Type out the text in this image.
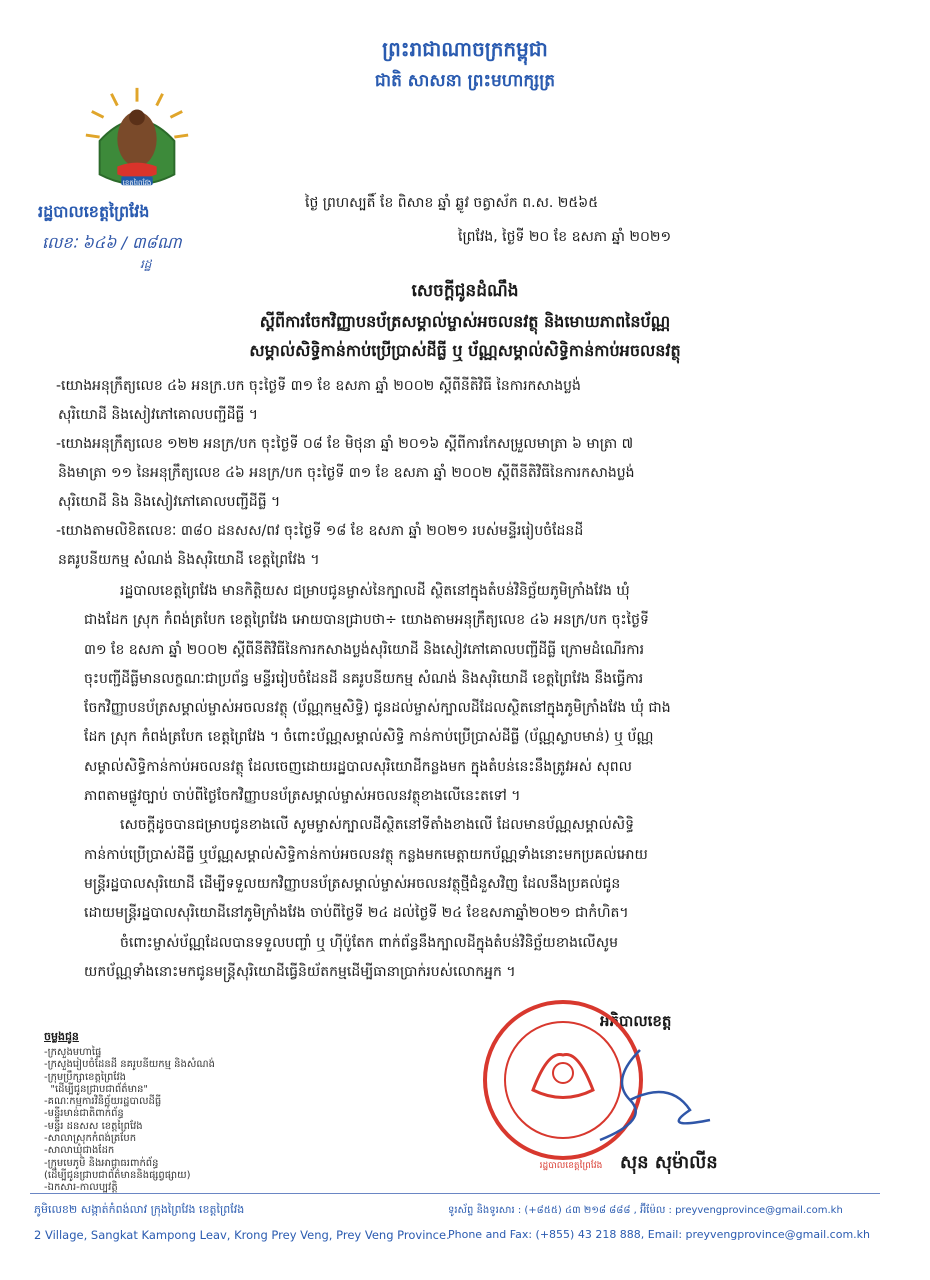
ព្រះរាជាណាចក្រកម្ពុជា
ជាតិ សាសនា ព្រះមហាក្សត្រ
ខេត្តព្រៃវែង
រដ្ឋបាលខេត្តព្រៃវែង
លេខៈ ៦៤៦ / ៣៨ណា
រដ្ឋ
ថ្ងៃ ព្រហស្បតិ៍ ខែ ពិសាខ ឆ្នាំ ឆ្លូវ ចត្វាស័ក ព.ស. ២៥៦៥
ព្រៃវែង, ថ្ងៃទី ២០ ខែ ឧសភា ឆ្នាំ ២០២១
សេចក្តីជូនដំណឹង
ស្តីពីការចែកវិញ្ញាបនប័ត្រសម្គាល់ម្ចាស់អចលនវត្ថុ និងមោឃភាពនៃប័ណ្ណ
សម្គាល់សិទ្ធិកាន់កាប់ប្រើប្រាស់ដីធ្លី ឬ ប័ណ្ណសម្គាល់សិទ្ធិកាន់កាប់អចលនវត្ថុ
-យោងអនុក្រឹត្យលេខ ៤៦ អនក្រ.បក ចុះថ្ងៃទី ៣១ ខែ ឧសភា ឆ្នាំ ២០០២ ស្តីពីនីតិវិធី នៃការកសាងប្លង់
សុរិយោដី និងសៀវភៅគោលបញ្ជីដីធ្លី ។
-យោងអនុក្រឹត្យលេខ ១២២ អនក្រ/បក ចុះថ្ងៃទី ០៨ ខែ មិថុនា ឆ្នាំ ២០១៦ ស្តីពីការកែសម្រួលមាត្រា ៦ មាត្រា ៧
និងមាត្រា ១១ នៃអនុក្រឹត្យលេខ ៤៦ អនក្រ/បក ចុះថ្ងៃទី ៣១ ខែ ឧសភា ឆ្នាំ ២០០២ ស្តីពីនីតិវិធីនៃការកសាងប្លង់
សុរិយោដី និង និងសៀវភៅគោលបញ្ជីដីធ្លី ។
-យោងតាមលិខិតលេខៈ ៣៨០ ដនសស/ពវ ចុះថ្ងៃទី ១៨ ខែ ឧសភា ឆ្នាំ ២០២១ របស់មន្ទីររៀបចំដែនដី
នគរូបនីយកម្ម សំណង់ និងសុរិយោដី ខេត្តព្រៃវែង ។
រដ្ឋបាលខេត្តព្រៃវែង មានកិត្តិយស ជម្រាបជូនម្ចាស់នៃក្បាលដី ស្ថិតនៅក្នុងតំបន់វិនិច្ឆ័យភូមិក្រាំងវែង ឃុំ
ជាងដែក ស្រុក កំពង់ត្របែក ខេត្តព្រៃវែង អោយបានជ្រាបថា÷ យោងតាមអនុក្រឹត្យលេខ ៤៦ អនក្រ/បក ចុះថ្ងៃទី
៣១ ខែ ឧសភា ឆ្នាំ ២០០២ ស្តីពីនីតិវិធីនៃការកសាងប្លង់សុរិយោដី និងសៀវភៅគោលបញ្ជីដីធ្លី ក្រោមដំណើរការ
ចុះបញ្ជីដីធ្លីមានលក្ខណៈជាប្រព័ន្ធ មន្ទីររៀបចំដែនដី នគរូបនីយកម្ម សំណង់ និងសុរិយោដី ខេត្តព្រៃវែង នឹងធ្វើការ
ចែកវិញ្ញាបនប័ត្រសម្គាល់ម្ចាស់អចលនវត្ថុ (ប័ណ្ណកម្មសិទ្ធិ) ជូនដល់ម្ចាស់ក្បាលដីដែលស្ថិតនៅក្នុងភូមិក្រាំងវែង ឃុំ ជាង
ដែក ស្រុក កំពង់ត្របែក ខេត្តព្រៃវែង ។ ចំពោះប័ណ្ណសម្គាល់សិទ្ធិ កាន់កាប់ប្រើប្រាស់ដីធ្លី (ប័ណ្ណស្លាបមាន់) ឬ ប័ណ្ណ
សម្គាល់សិទ្ធិកាន់កាប់អចលនវត្ថុ ដែលចេញដោយរដ្ឋបាលសុរិយោដីកន្លងមក ក្នុងតំបន់នេះនឹងត្រូវអស់ សុពល
ភាពតាមផ្លូវច្បាប់ ចាប់ពីថ្ងៃចែកវិញ្ញាបនប័ត្រសម្គាល់ម្ចាស់អចលនវត្ថុខាងលើនេះតទៅ ។
សេចក្តីដូចបានជម្រាបជូនខាងលើ សូមម្ចាស់ក្បាលដីស្ថិតនៅទីតាំងខាងលើ ដែលមានប័ណ្ណសម្គាល់សិទ្ធិ
កាន់កាប់ប្រើប្រាស់ដីធ្លី ឬប័ណ្ណសម្គាល់សិទ្ធិកាន់កាប់អចលនវត្ថុ កន្លងមកមេត្តាយកប័ណ្ណទាំងនោះមកប្រគល់អោយ
មន្ត្រីរដ្ឋបាលសុរិយោដី ដើម្បីទទួលយកវិញ្ញាបនប័ត្រសម្គាល់ម្ចាស់អចលនវត្ថុថ្មីជំនួសវិញ ដែលនឹងប្រគល់ជូន
ដោយមន្ត្រីរដ្ឋបាលសុរិយោដីនៅភូមិក្រាំងវែង ចាប់ពីថ្ងៃទី ២៤ ដល់ថ្ងៃទី ២៤ ខែឧសភាឆ្នាំ២០២១ ជាកំហិត។
ចំពោះម្ចាស់ប័ណ្ណដែលបានទទួលបញ្ចាំ ឬ ហ៊ីប៉ូតែក ពាក់ព័ន្ធនឹងក្បាលដីក្នុងតំបន់វិនិច្ឆ័យខាងលើសូម
យកប័ណ្ណទាំងនោះមកជូនមន្ត្រីសុរិយោដីធ្វើនិយ័តកម្មដើម្បីធានាប្រាក់របស់លោកអ្នក ។
អភិបាលខេត្ត
រដ្ឋបាលខេត្តព្រៃវែង សុន សុម៉ាលីន
ចម្លងជូន
-ក្រសួងមហាផ្ទៃ
-ក្រសួងរៀបចំដែនដី នគរូបនីយកម្ម និងសំណង់
-ក្រុមប្រឹក្សាខេត្តព្រៃវែង
"ដើម្បីជូនជ្រាបជាព័ត៌មាន"
-គណៈកម្មការវិនិច្ឆ័យរដ្ឋបាលដីធ្លី
-មន្ទីរមាន់ជាតិពាក់ព័ន្ធ
-មន្ទីរ ដនសស ខេត្តព្រៃវែង
-សាលាស្រុកកំពង់ត្របែក
-សាលាឃុំជាងដែក
-ក្រុមមេភូមិ និងអាជ្ញាធរពាក់ព័ន្ធ
(ដើម្បីជូនជ្រាបជាព័ត៌មាននិងផ្សព្វផ្សាយ)
-ឯកសារ-កាលប្បវត្តិ
ភូមិលេខ២ សង្កាត់កំពង់លាវ ក្រុងព្រៃវែង ខេត្តព្រៃវែង
2 Village, Sangkat Kampong Leav, Krong Prey Veng, Prey Veng Province.
ទូរស័ព្ទ និងទូរសារ : (+៨៥៥) ៤៣ ២១៨ ៨៨៨ , អ៊ីម៉ែល : preyvengprovince@gmail.com.kh
Phone and Fax: (+855) 43 218 888, Email: preyvengprovince@gmail.com.kh
